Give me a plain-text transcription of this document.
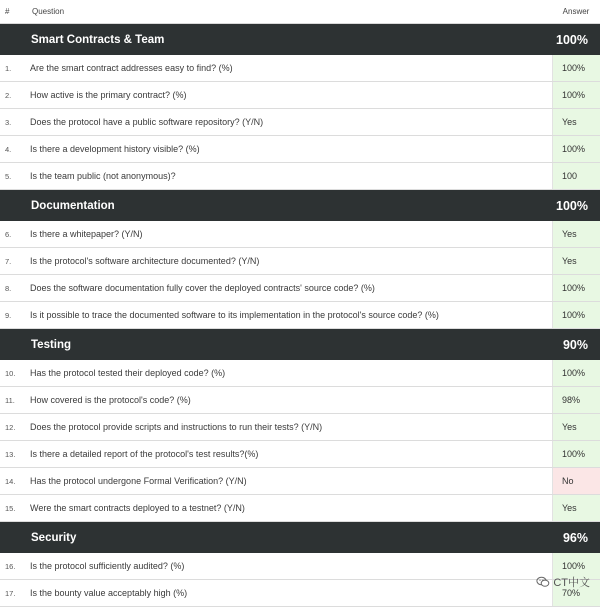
#	Question	Answer
Smart Contracts & Team	100%
1.	Are the smart contract addresses easy to find? (%)	100%
2.	How active is the primary contract? (%)	100%
3.	Does the protocol have a public software repository? (Y/N)	Yes
4.	Is there a development history visible? (%)	100%
5.	Is the team public (not anonymous)?	100
Documentation	100%
6.	Is there a whitepaper? (Y/N)	Yes
7.	Is the protocol's software architecture documented? (Y/N)	Yes
8.	Does the software documentation fully cover the deployed contracts' source code? (%)	100%
9.	Is it possible to trace the documented software to its implementation in the protocol's source code? (%)	100%
Testing	90%
10.	Has the protocol tested their deployed code? (%)	100%
11.	How covered is the protocol's code? (%)	98%
12.	Does the protocol provide scripts and instructions to run their tests? (Y/N)	Yes
13.	Is there a detailed report of the protocol's test results?(%)	100%
14.	Has the protocol undergone Formal Verification? (Y/N)	No
15.	Were the smart contracts deployed to a testnet? (Y/N)	Yes
Security	96%
16.	Is the protocol sufficiently audited? (%)	100%
17.	Is the bounty value acceptably high (%)	70%
CT中文
